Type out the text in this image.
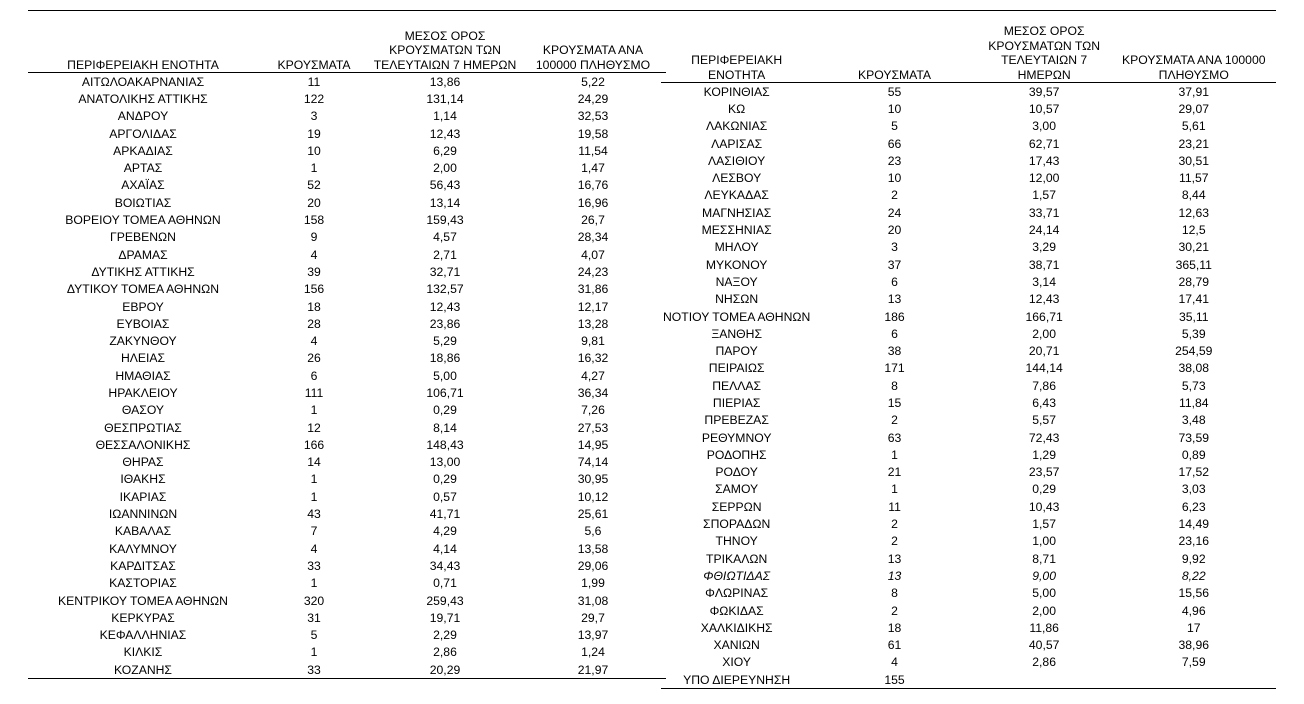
ΠΕΡΙΦΕΡΕΙΑΚΗ ΕΝΟΤΗΤΑ	ΚΡΟΥΣΜΑΤΑ	ΜΕΣΟΣ ΟΡΟΣ ΚΡΟΥΣΜΑΤΩΝ ΤΩΝ ΤΕΛΕΥΤΑΙΩΝ 7 ΗΜΕΡΩΝ	ΚΡΟΥΣΜΑΤΑ ΑΝΑ 100000 ΠΛΗΘΥΣΜΟ
ΑΙΤΩΛΟΑΚΑΡΝΑΝΙΑΣ	11	13,86	5,22
ΑΝΑΤΟΛΙΚΗΣ ΑΤΤΙΚΗΣ	122	131,14	24,29
ΑΝΔΡΟΥ	3	1,14	32,53
ΑΡΓΟΛΙΔΑΣ	19	12,43	19,58
ΑΡΚΑΔΙΑΣ	10	6,29	11,54
ΑΡΤΑΣ	1	2,00	1,47
ΑΧΑΪΑΣ	52	56,43	16,76
ΒΟΙΩΤΙΑΣ	20	13,14	16,96
ΒΟΡΕΙΟΥ ΤΟΜΕΑ ΑΘΗΝΩΝ	158	159,43	26,7
ΓΡΕΒΕΝΩΝ	9	4,57	28,34
ΔΡΑΜΑΣ	4	2,71	4,07
ΔΥΤΙΚΗΣ ΑΤΤΙΚΗΣ	39	32,71	24,23
ΔΥΤΙΚΟΥ ΤΟΜΕΑ ΑΘΗΝΩΝ	156	132,57	31,86
ΕΒΡΟΥ	18	12,43	12,17
ΕΥΒΟΙΑΣ	28	23,86	13,28
ΖΑΚΥΝΘΟΥ	4	5,29	9,81
ΗΛΕΙΑΣ	26	18,86	16,32
ΗΜΑΘΙΑΣ	6	5,00	4,27
ΗΡΑΚΛΕΙΟΥ	111	106,71	36,34
ΘΑΣΟΥ	1	0,29	7,26
ΘΕΣΠΡΩΤΙΑΣ	12	8,14	27,53
ΘΕΣΣΑΛΟΝΙΚΗΣ	166	148,43	14,95
ΘΗΡΑΣ	14	13,00	74,14
ΙΘΑΚΗΣ	1	0,29	30,95
ΙΚΑΡΙΑΣ	1	0,57	10,12
ΙΩΑΝΝΙΝΩΝ	43	41,71	25,61
ΚΑΒΑΛΑΣ	7	4,29	5,6
ΚΑΛΥΜΝΟΥ	4	4,14	13,58
ΚΑΡΔΙΤΣΑΣ	33	34,43	29,06
ΚΑΣΤΟΡΙΑΣ	1	0,71	1,99
ΚΕΝΤΡΙΚΟΥ ΤΟΜΕΑ ΑΘΗΝΩΝ	320	259,43	31,08
ΚΕΡΚΥΡΑΣ	31	19,71	29,7
ΚΕΦΑΛΛΗΝΙΑΣ	5	2,29	13,97
ΚΙΛΚΙΣ	1	2,86	1,24
ΚΟΖΑΝΗΣ	33	20,29	21,97
ΠΕΡΙΦΕΡΕΙΑΚΗ ΕΝΟΤΗΤΑ	ΚΡΟΥΣΜΑΤΑ	ΜΕΣΟΣ ΟΡΟΣ ΚΡΟΥΣΜΑΤΩΝ ΤΩΝ ΤΕΛΕΥΤΑΙΩΝ 7 ΗΜΕΡΩΝ	ΚΡΟΥΣΜΑΤΑ ΑΝΑ 100000 ΠΛΗΘΥΣΜΟ
ΚΟΡΙΝΘΙΑΣ	55	39,57	37,91
ΚΩ	10	10,57	29,07
ΛΑΚΩΝΙΑΣ	5	3,00	5,61
ΛΑΡΙΣΑΣ	66	62,71	23,21
ΛΑΣΙΘΙΟΥ	23	17,43	30,51
ΛΕΣΒΟΥ	10	12,00	11,57
ΛΕΥΚΑΔΑΣ	2	1,57	8,44
ΜΑΓΝΗΣΙΑΣ	24	33,71	12,63
ΜΕΣΣΗΝΙΑΣ	20	24,14	12,5
ΜΗΛΟΥ	3	3,29	30,21
ΜΥΚΟΝΟΥ	37	38,71	365,11
ΝΑΞΟΥ	6	3,14	28,79
ΝΗΣΩΝ	13	12,43	17,41
ΝΟΤΙΟΥ ΤΟΜΕΑ ΑΘΗΝΩΝ	186	166,71	35,11
ΞΑΝΘΗΣ	6	2,00	5,39
ΠΑΡΟΥ	38	20,71	254,59
ΠΕΙΡΑΙΩΣ	171	144,14	38,08
ΠΕΛΛΑΣ	8	7,86	5,73
ΠΙΕΡΙΑΣ	15	6,43	11,84
ΠΡΕΒΕΖΑΣ	2	5,57	3,48
ΡΕΘΥΜΝΟΥ	63	72,43	73,59
ΡΟΔΟΠΗΣ	1	1,29	0,89
ΡΟΔΟΥ	21	23,57	17,52
ΣΑΜΟΥ	1	0,29	3,03
ΣΕΡΡΩΝ	11	10,43	6,23
ΣΠΟΡΑΔΩΝ	2	1,57	14,49
ΤΗΝΟΥ	2	1,00	23,16
ΤΡΙΚΑΛΩΝ	13	8,71	9,92
ΦΘΙΩΤΙΔΑΣ	13	9,00	8,22
ΦΛΩΡΙΝΑΣ	8	5,00	15,56
ΦΩΚΙΔΑΣ	2	2,00	4,96
ΧΑΛΚΙΔΙΚΗΣ	18	11,86	17
ΧΑΝΙΩΝ	61	40,57	38,96
ΧΙΟΥ	4	2,86	7,59
ΥΠΟ ΔΙΕΡΕΥΝΗΣΗ	155		
